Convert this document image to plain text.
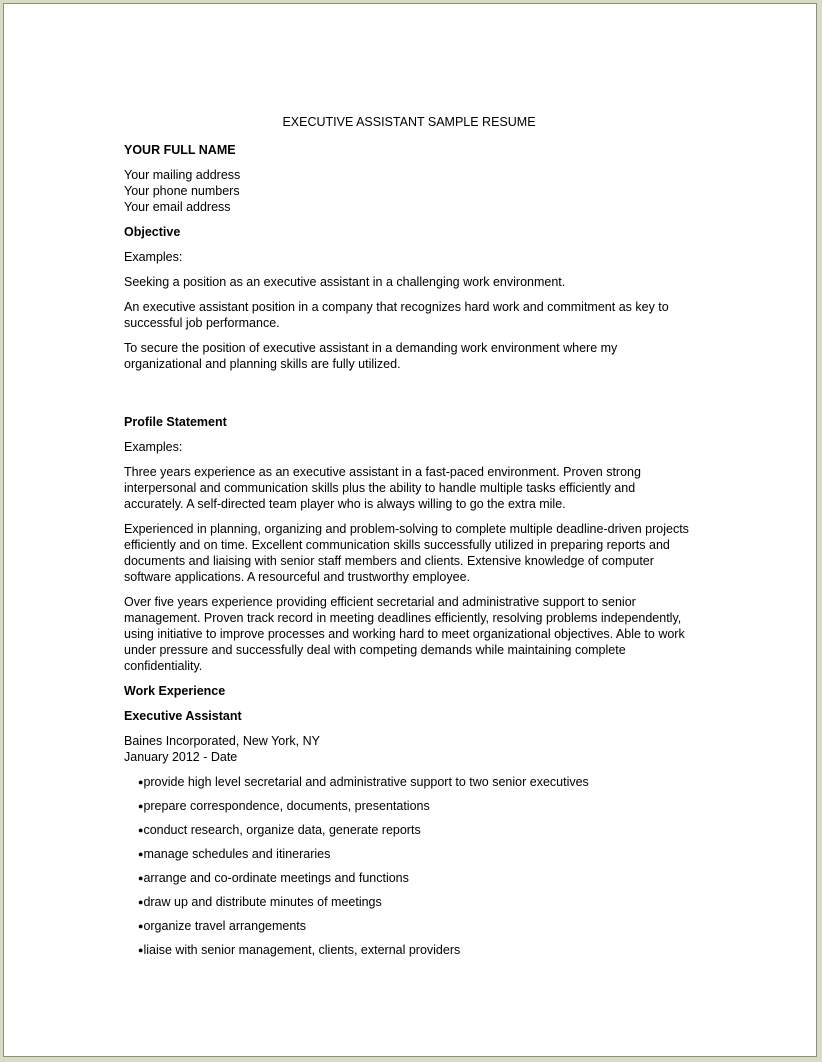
EXECUTIVE ASSISTANT SAMPLE RESUME
YOUR FULL NAME
Your mailing address
Your phone numbers
Your email address
Objective
Examples:
Seeking a position as an executive assistant in a challenging work environment.
An executive assistant position in a company that recognizes hard work and commitment as key to successful job performance.
To secure the position of executive assistant in a demanding work environment where my organizational and planning skills are fully utilized.
Profile Statement
Examples:
Three years experience as an executive assistant in a fast-paced environment. Proven strong interpersonal and communication skills plus the ability to handle multiple tasks efficiently and accurately. A self-directed team player who is always willing to go the extra mile.
Experienced in planning, organizing and problem-solving to complete multiple deadline-driven projects efficiently and on time. Excellent communication skills successfully utilized in preparing reports and documents and liaising with senior staff members and clients. Extensive knowledge of computer software applications. A resourceful and trustworthy employee.
Over five years experience providing efficient secretarial and administrative support to senior management. Proven track record in meeting deadlines efficiently, resolving problems independently, using initiative to improve processes and working hard to meet organizational objectives. Able to work under pressure and successfully deal with competing demands while maintaining complete confidentiality.
Work Experience
Executive Assistant
Baines Incorporated, New York, NY
January 2012 - Date
●provide high level secretarial and administrative support to two senior executives
●prepare correspondence, documents, presentations
●conduct research, organize data, generate reports
●manage schedules and itineraries
●arrange and co-ordinate meetings and functions
●draw up and distribute minutes of meetings
●organize travel arrangements
●liaise with senior management, clients, external providers
